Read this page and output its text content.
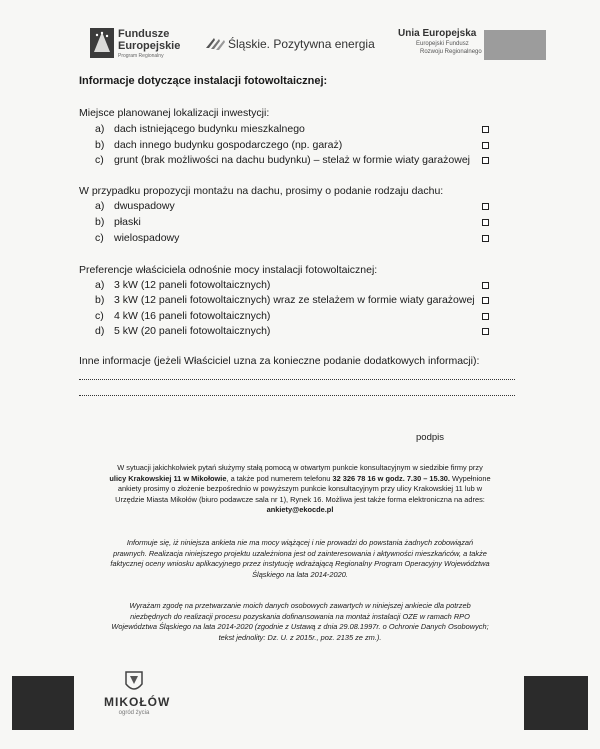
Fundusze
Europejskie
Program Regionalny
Śląskie. Pozytywna energia
Unia Europejska
Europejski Fundusz
Rozwoju Regionalnego
Informacje dotyczące instalacji fotowoltaicznej:
Miejsce planowanej lokalizacji inwestycji:
a) dach istniejącego budynku mieszkalnego
b) dach innego budynku gospodarczego (np. garaż)
c) grunt (brak możliwości na dachu budynku) – stelaż w formie wiaty garażowej
W przypadku propozycji montażu na dachu, prosimy o podanie rodzaju dachu:
a) dwuspadowy
b) płaski
c) wielospadowy
Preferencje właściciela odnośnie mocy instalacji fotowoltaicznej:
a) 3 kW (12 paneli fotowoltaicznych)
b) 3 kW (12 paneli fotowoltaicznych) wraz ze stelażem w formie wiaty garażowej
c) 4 kW (16 paneli fotowoltaicznych)
d) 5 kW (20 paneli fotowoltaicznych)
Inne informacje (jeżeli Właściciel uzna za konieczne podanie dodatkowych informacji):
podpis
W sytuacji jakichkolwiek pytań służymy stałą pomocą w otwartym punkcie konsultacyjnym w siedzibie firmy przy
ulicy Krakowskiej 11 w Mikołowie, a także pod numerem telefonu 32 326 78 16 w godz. 7.30 – 15.30. Wypełnione
ankiety prosimy o złożenie bezpośrednio w powyższym punkcie konsultacyjnym przy ulicy Krakowskiej 11 lub w
Urzędzie Miasta Mikołów (biuro podawcze sala nr 1), Rynek 16. Możliwa jest także forma elektroniczna na adres:
ankiety@ekocde.pl
Informuje się, iż niniejsza ankieta nie ma mocy wiążącej i nie prowadzi do powstania żadnych zobowiązań
prawnych. Realizacja niniejszego projektu uzależniona jest od zainteresowania i aktywności mieszkańców, a także
faktycznej oceny wniosku aplikacyjnego przez instytucję wdrażającą Regionalny Program Operacyjny Województwa
Śląskiego na lata 2014-2020.
Wyrażam zgodę na przetwarzanie moich danych osobowych zawartych w niniejszej ankiecie dla potrzeb
niezbędnych do realizacji procesu pozyskania dofinansowania na montaż instalacji OZE w ramach RPO
Województwa Śląskiego na lata 2014-2020 (zgodnie z Ustawą z dnia 29.08.1997r. o Ochronie Danych Osobowych;
tekst jednolity: Dz. U. z 2015r., poz. 2135 ze zm.).
MIKOŁÓW
ogród życia
